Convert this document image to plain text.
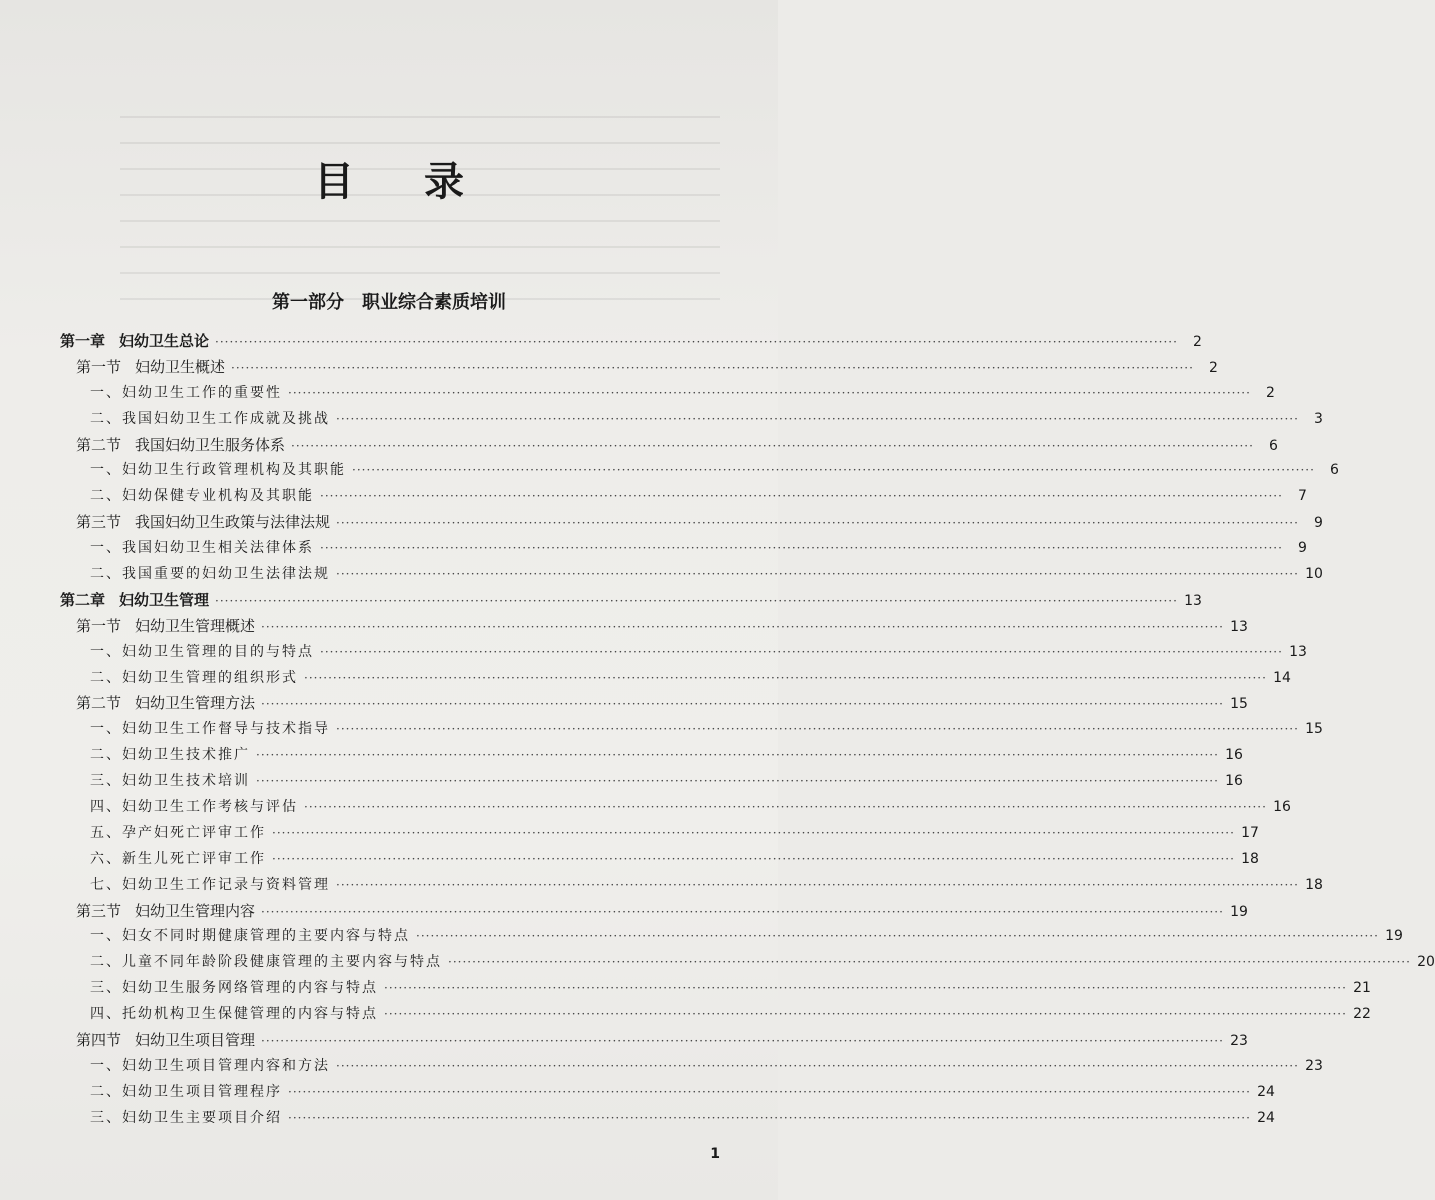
目 录
第一部分 职业综合素质培训
第一章 妇幼卫生总论 ········································································································································································································	2
第一节 妇幼卫生概述 ········································································································································································································	2
一、妇幼卫生工作的重要性 ········································································································································································································	2
二、我国妇幼卫生工作成就及挑战 ········································································································································································································	3
第二节 我国妇幼卫生服务体系 ········································································································································································································	6
一、妇幼卫生行政管理机构及其职能 ········································································································································································································	6
二、妇幼保健专业机构及其职能 ········································································································································································································	7
第三节 我国妇幼卫生政策与法律法规 ········································································································································································································	9
一、我国妇幼卫生相关法律体系 ········································································································································································································	9
二、我国重要的妇幼卫生法律法规 ········································································································································································································ 10
第二章 妇幼卫生管理 ········································································································································································································ 13
第一节 妇幼卫生管理概述 ········································································································································································································ 13
一、妇幼卫生管理的目的与特点 ········································································································································································································ 13
二、妇幼卫生管理的组织形式 ········································································································································································································ 14
第二节 妇幼卫生管理方法 ········································································································································································································ 15
一、妇幼卫生工作督导与技术指导 ········································································································································································································ 15
二、妇幼卫生技术推广 ········································································································································································································ 16
三、妇幼卫生技术培训 ········································································································································································································ 16
四、妇幼卫生工作考核与评估 ········································································································································································································ 16
五、孕产妇死亡评审工作 ········································································································································································································ 17
六、新生儿死亡评审工作 ········································································································································································································ 18
七、妇幼卫生工作记录与资料管理 ········································································································································································································ 18
第三节 妇幼卫生管理内容 ········································································································································································································ 19
一、妇女不同时期健康管理的主要内容与特点 ········································································································································································································ 19
二、儿童不同年龄阶段健康管理的主要内容与特点 ········································································································································································································ 20
三、妇幼卫生服务网络管理的内容与特点 ········································································································································································································ 21
四、托幼机构卫生保健管理的内容与特点 ········································································································································································································ 22
第四节 妇幼卫生项目管理 ········································································································································································································ 23
一、妇幼卫生项目管理内容和方法 ········································································································································································································ 23
二、妇幼卫生项目管理程序 ········································································································································································································ 24
三、妇幼卫生主要项目介绍 ········································································································································································································ 24
1
